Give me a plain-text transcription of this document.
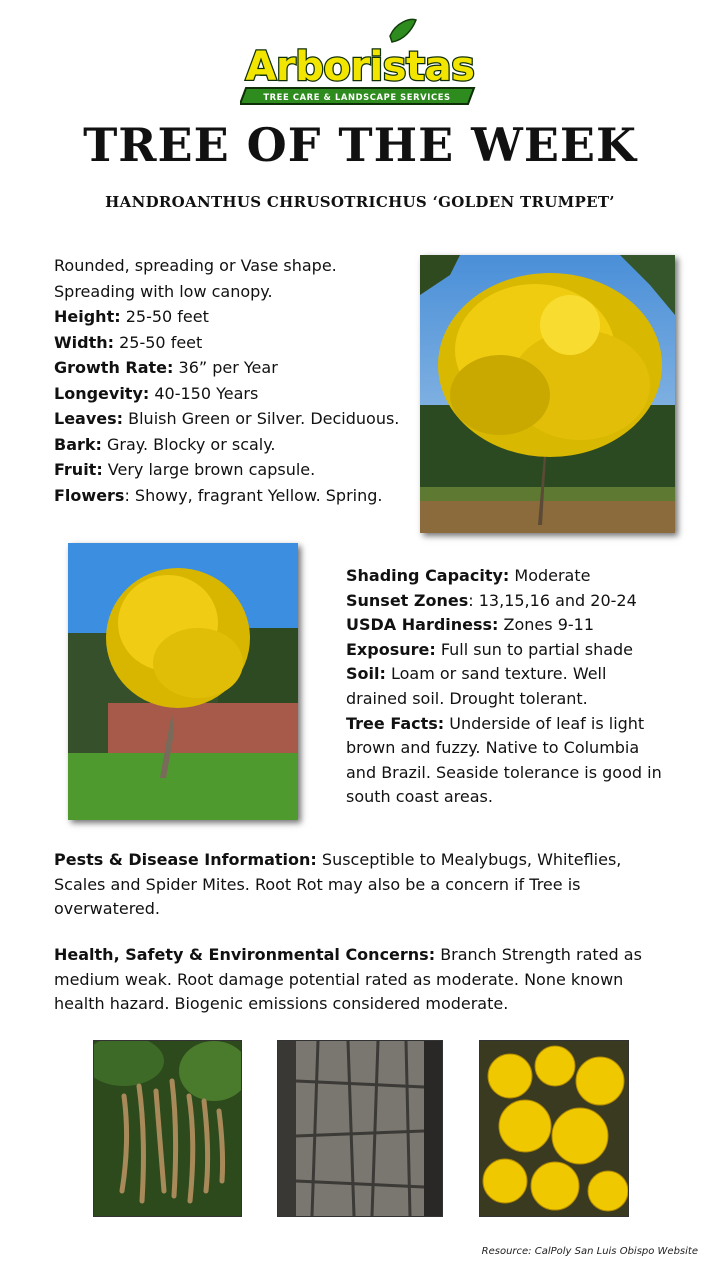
Arboristas
TREE CARE & LANDSCAPE SERVICES
TREE OF THE WEEK
HANDROANTHUS CHRUSOTRICHUS ‘GOLDEN TRUMPET’
Rounded, spreading or Vase shape.
Spreading with low canopy.
Height: 25-50 feet
Width: 25-50 feet
Growth Rate: 36” per Year
Longevity: 40-150 Years
Leaves: Bluish Green or Silver. Deciduous.
Bark: Gray. Blocky or scaly.
Fruit: Very large brown capsule.
Flowers: Showy, fragrant Yellow. Spring.
Shading Capacity: Moderate
Sunset Zones: 13,15,16 and 20-24
USDA Hardiness: Zones 9-11
Exposure: Full sun to partial shade
Soil: Loam or sand texture. Well
drained soil. Drought tolerant.
Tree Facts: Underside of leaf is light
brown and fuzzy. Native to Columbia
and Brazil. Seaside tolerance is good in
south coast areas.
Pests & Disease Information: Susceptible to Mealybugs, Whiteflies,
Scales and Spider Mites. Root Rot may also be a concern if Tree is
overwatered.
Health, Safety & Environmental Concerns: Branch Strength rated as
medium weak. Root damage potential rated as moderate. None known
health hazard. Biogenic emissions considered moderate.
Resource: CalPoly San Luis Obispo Website
